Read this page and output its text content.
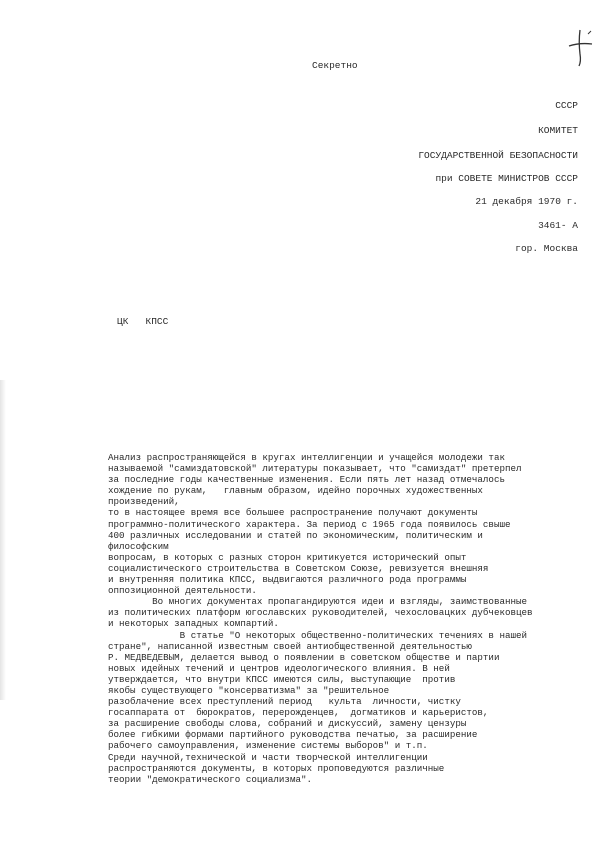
Секретно
СССР
КОМИТЕТ
ГОСУДАРСТВЕННОЙ БЕЗОПАСНОСТИ
при СОВЕТЕ МИНИСТРОВ СССР
21 декабря 1970 г.
3461- А
гор. Москва
ЦК   КПСС
Анализ распространяющейся в кругах интеллигенции и учащейся молодежи так
называемой "самиздатовской" литературы показывает, что "самиздат" претерпел
за последние годы качественные изменения. Если пять лет назад отмечалось
хождение по рукам,   главным образом, идейно порочных художественных
произведений,
то в настоящее время все большее распространение получают документы
программно-политического характера. За период с 1965 года появилось свыше
400 различных исследовании и статей по экономическим, политическим и
философским
вопросам, в которых с разных сторон критикуется исторический опыт
социалистического строительства в Советском Союзе, ревизуется внешняя
и внутренняя политика КПСС, выдвигаются различного рода программы
оппозиционной деятельности.
Во многих документах пропагандируются идеи и взгляды, заимствованные
из политических платформ югославских руководителей, чехословацких дубчековцев
и некоторых западных компартий.
В статье "О некоторых общественно-политических течениях в нашей
стране", написанной известным своей антиобщественной деятельностью
Р. МЕДВЕДЕВЫМ, делается вывод о появлении в советском обществе и партии
новых идейных течений и центров идеологического влияния. В ней
утверждается, что внутри КПСС имеются силы, выступающие  против
якобы существующего "консерватизма" за "решительное
разоблачение всех преступлений период   культа  личности, чистку
госаппарата от  бюрократов, перерожденцев,  догматиков и карьеристов,
за расширение свободы слова, собраний и дискуссий, замену цензуры
более гибкими формами партийного руководства печатью, за расширение
рабочего самоуправления, изменение системы выборов" и т.п.
Среди научной,технической и части творческой интеллигенции
распространяются документы, в которых проповедуются различные
теории "демократического социализма".
